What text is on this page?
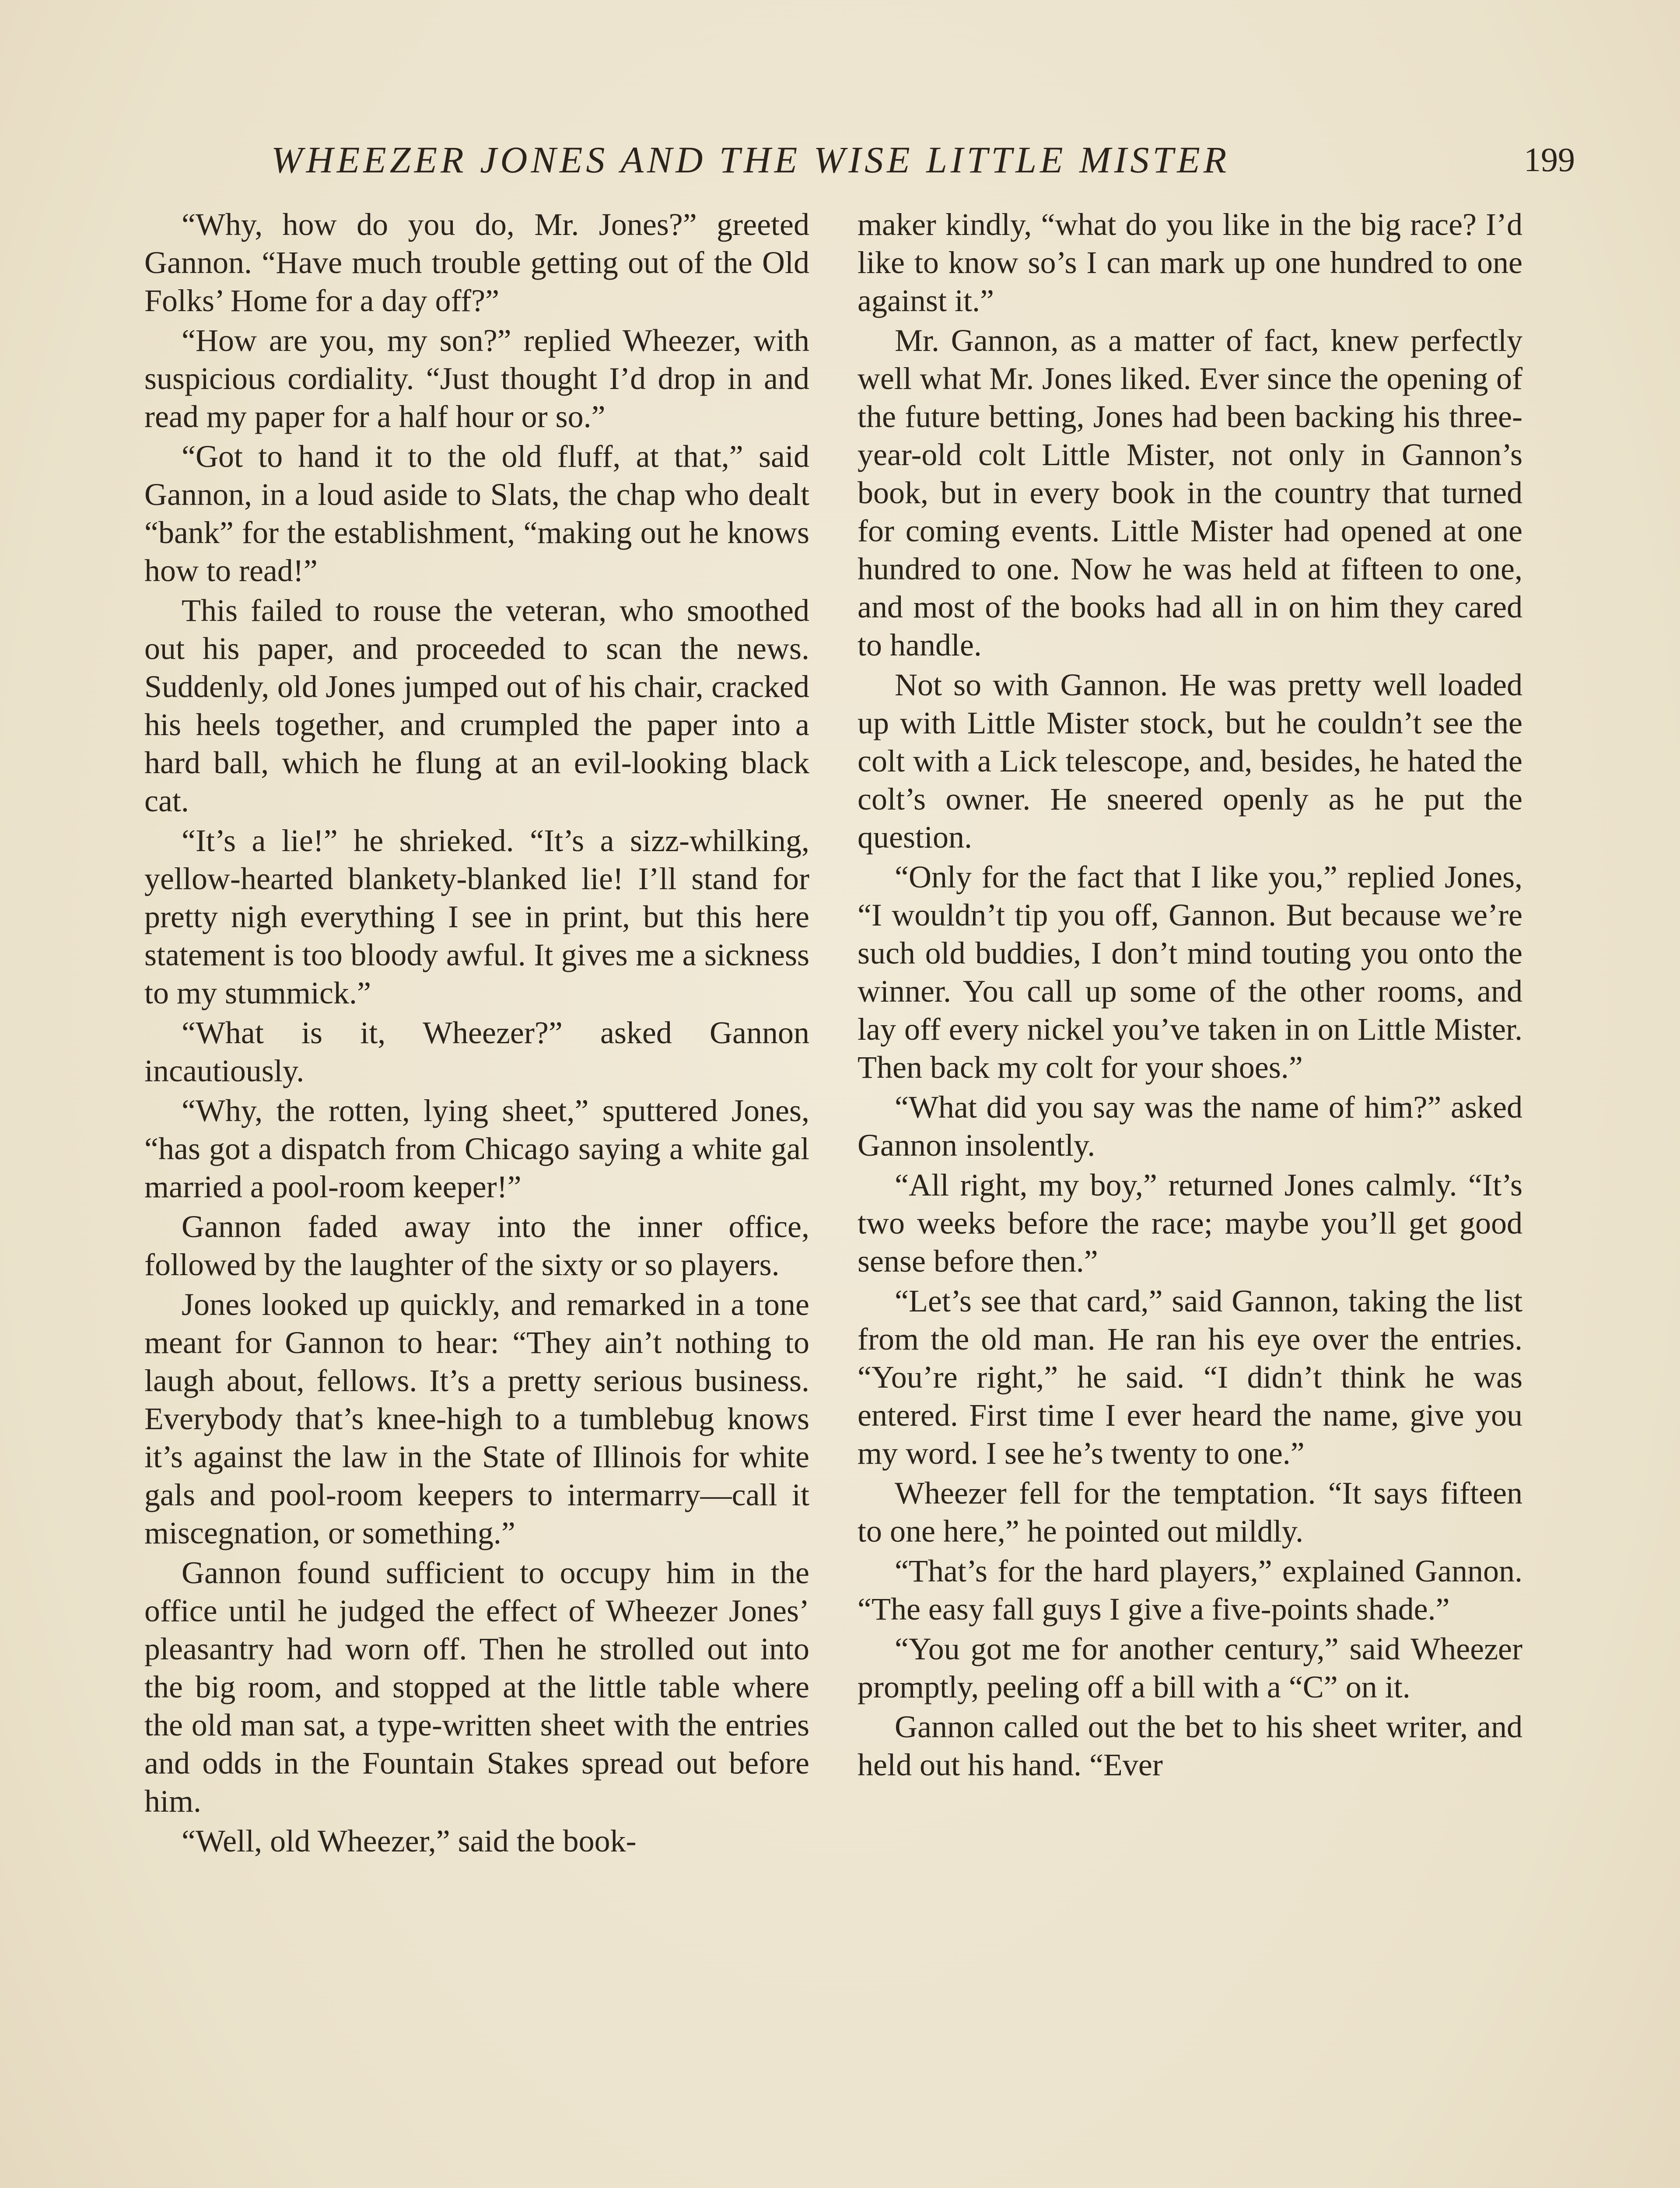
WHEEZER JONES AND THE WISE LITTLE MISTER	199

“Why, how do you do, Mr. Jones?” greeted Gannon. “Have much trouble getting out of the Old Folks’ Home for a day off?”

“How are you, my son?” replied Wheezer, with suspicious cordiality. “Just thought I’d drop in and read my paper for a half hour or so.”

“Got to hand it to the old fluff, at that,” said Gannon, in a loud aside to Slats, the chap who dealt “bank” for the establishment, “making out he knows how to read!”

This failed to rouse the veteran, who smoothed out his paper, and proceeded to scan the news. Suddenly, old Jones jumped out of his chair, cracked his heels together, and crumpled the paper into a hard ball, which he flung at an evil-looking black cat.

“It’s a lie!” he shrieked. “It’s a sizz-whilking, yellow-hearted blankety-blanked lie! I’ll stand for pretty nigh everything I see in print, but this here statement is too bloody awful. It gives me a sickness to my stummick.”

“What is it, Wheezer?” asked Gannon incautiously.

“Why, the rotten, lying sheet,” sputtered Jones, “has got a dispatch from Chicago saying a white gal married a pool-room keeper!”

Gannon faded away into the inner office, followed by the laughter of the sixty or so players.

Jones looked up quickly, and remarked in a tone meant for Gannon to hear: “They ain’t nothing to laugh about, fellows. It’s a pretty serious business. Everybody that’s knee-high to a tumblebug knows it’s against the law in the State of Illinois for white gals and pool-room keepers to intermarry—call it miscegnation, or something.”

Gannon found sufficient to occupy him in the office until he judged the effect of Wheezer Jones’ pleasantry had worn off. Then he strolled out into the big room, and stopped at the little table where the old man sat, a type-written sheet with the entries and odds in the Fountain Stakes spread out before him.

“Well, old Wheezer,” said the book-

maker kindly, “what do you like in the big race? I’d like to know so’s I can mark up one hundred to one against it.”

Mr. Gannon, as a matter of fact, knew perfectly well what Mr. Jones liked. Ever since the opening of the future betting, Jones had been backing his three-year-old colt Little Mister, not only in Gannon’s book, but in every book in the country that turned for coming events. Little Mister had opened at one hundred to one. Now he was held at fifteen to one, and most of the books had all in on him they cared to handle.

Not so with Gannon. He was pretty well loaded up with Little Mister stock, but he couldn’t see the colt with a Lick telescope, and, besides, he hated the colt’s owner. He sneered openly as he put the question.

“Only for the fact that I like you,” replied Jones, “I wouldn’t tip you off, Gannon. But because we’re such old buddies, I don’t mind touting you onto the winner. You call up some of the other rooms, and lay off every nickel you’ve taken in on Little Mister. Then back my colt for your shoes.”

“What did you say was the name of him?” asked Gannon insolently.

“All right, my boy,” returned Jones calmly. “It’s two weeks before the race; maybe you’ll get good sense before then.”

“Let’s see that card,” said Gannon, taking the list from the old man. He ran his eye over the entries. “You’re right,” he said. “I didn’t think he was entered. First time I ever heard the name, give you my word. I see he’s twenty to one.”

Wheezer fell for the temptation. “It says fifteen to one here,” he pointed out mildly.

“That’s for the hard players,” explained Gannon. “The easy fall guys I give a five-points shade.”

“You got me for another century,” said Wheezer promptly, peeling off a bill with a “C” on it.

Gannon called out the bet to his sheet writer, and held out his hand. “Ever
